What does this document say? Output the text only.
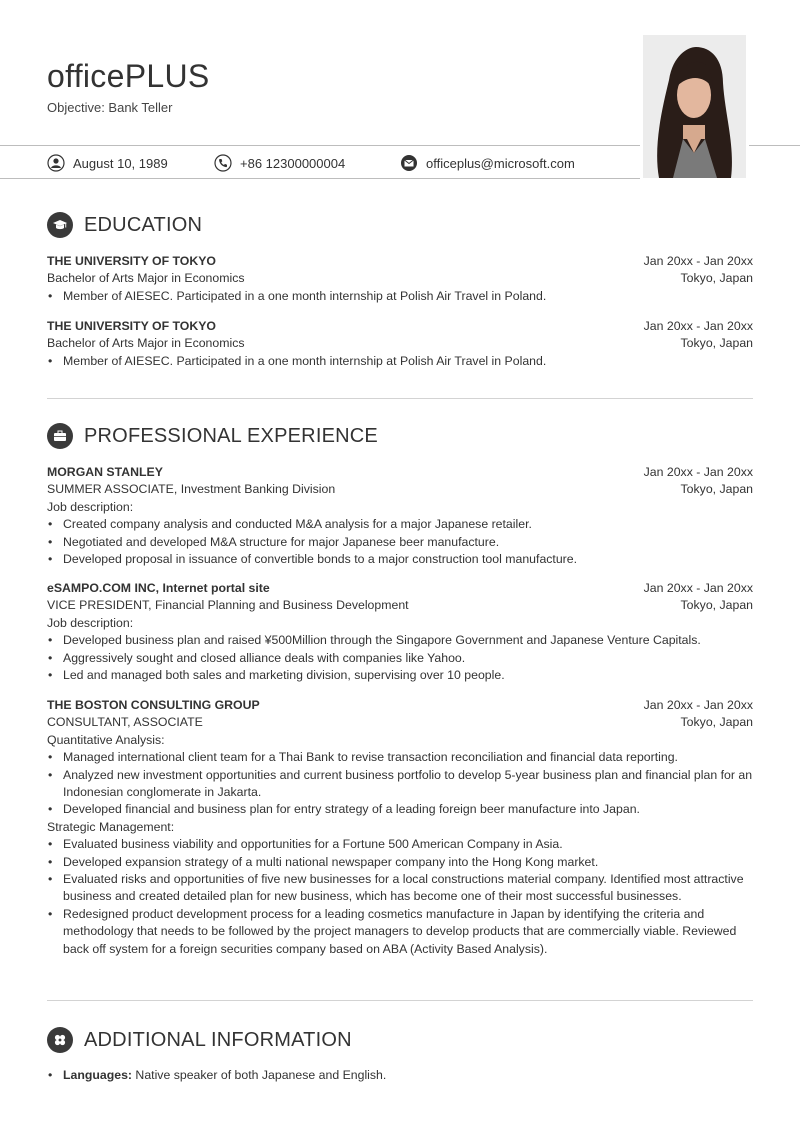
officePLUS
Objective: Bank Teller
August 10, 1989	+86 12300000004	officeplus@microsoft.com
EDUCATION
THE UNIVERSITY OF TOKYO	Jan 20xx - Jan 20xx
Bachelor of Arts Major in Economics	Tokyo, Japan
• Member of AIESEC. Participated in a one month internship at Polish Air Travel in Poland.
THE UNIVERSITY OF TOKYO	Jan 20xx - Jan 20xx
Bachelor of Arts Major in Economics	Tokyo, Japan
• Member of AIESEC. Participated in a one month internship at Polish Air Travel in Poland.
PROFESSIONAL EXPERIENCE
MORGAN STANLEY	Jan 20xx - Jan 20xx
SUMMER ASSOCIATE, Investment Banking Division	Tokyo, Japan
Job description:
• Created company analysis and conducted M&A analysis for a major Japanese retailer.
• Negotiated and developed M&A structure for major Japanese beer manufacture.
• Developed proposal in issuance of convertible bonds to a major construction tool manufacture.
eSAMPO.COM INC, Internet portal site	Jan 20xx - Jan 20xx
VICE PRESIDENT, Financial Planning and Business Development	Tokyo, Japan
Job description:
• Developed business plan and raised ¥500Million through the Singapore Government and Japanese Venture Capitals.
• Aggressively sought and closed alliance deals with companies like Yahoo.
• Led and managed both sales and marketing division, supervising over 10 people.
THE BOSTON CONSULTING GROUP	Jan 20xx - Jan 20xx
CONSULTANT, ASSOCIATE	Tokyo, Japan
Quantitative Analysis:
• Managed international client team for a Thai Bank to revise transaction reconciliation and financial data reporting.
• Analyzed new investment opportunities and current business portfolio to develop 5-year business plan and financial plan for an Indonesian conglomerate in Jakarta.
• Developed financial and business plan for entry strategy of a leading foreign beer manufacture into Japan.
Strategic Management:
• Evaluated business viability and opportunities for a Fortune 500 American Company in Asia.
• Developed expansion strategy of a multi national newspaper company into the Hong Kong market.
• Evaluated risks and opportunities of five new businesses for a local constructions material company. Identified most attractive business and created detailed plan for new business, which has become one of their most successful businesses.
• Redesigned product development process for a leading cosmetics manufacture in Japan by identifying the criteria and methodology that needs to be followed by the project managers to develop products that are commercially viable. Reviewed back off system for a foreign securities company based on ABA (Activity Based Analysis).
ADDITIONAL INFORMATION
• Languages: Native speaker of both Japanese and English.
